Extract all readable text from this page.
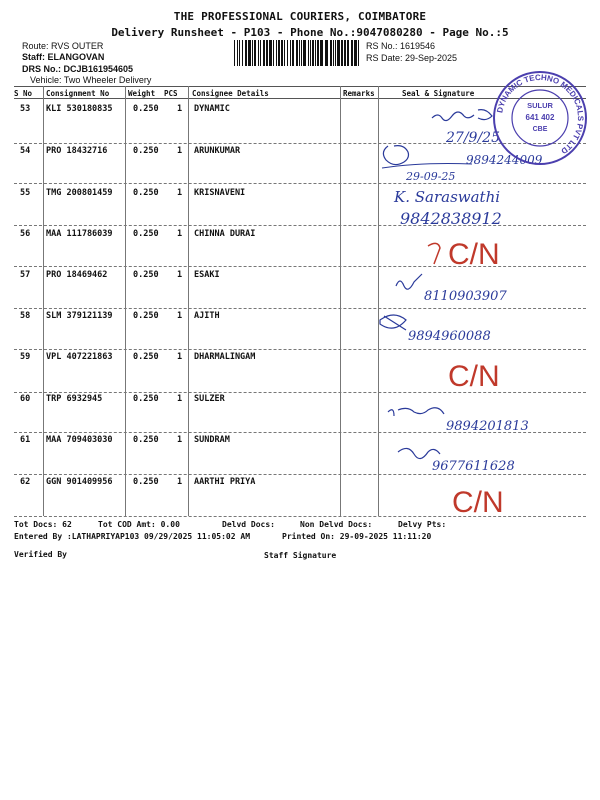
THE PROFESSIONAL COURIERS, COIMBATORE
Delivery Runsheet - P103 - Phone No.:9047080280 - Page No.:5
Route: RVS OUTER
Staff: ELANGOVAN
DRS No.: DCJB161954605
Vehicle: Two Wheeler Delivery
RS No.: 1619546
RS Date: 29-Sep-2025
S No Consignment No	Weight PCS Consignee Details	Remarks	Seal & Signature
53 KLI 530180835 0.250 1 DYNAMIC
54 PRO 18432716	0.250 1 ARUNKUMAR
55 TMG 200801459 0.250 1 KRISNAVENI
56 MAA 111786039 0.250 1 CHINNA DURAI
57 PRO 18469462	0.250 1 ESAKI
58 SLM 379121139 0.250 1 AJITH
59 VPL 407221863 0.250 1 DHARMALINGAM
60 TRP 6932945	0.250 1 SULZER
61 MAA 709403030 0.250 1 SUNDRAM
62 GGN 901409956 0.250 1 AARTHI PRIYA
27/9/25
29-09-25
9894244009
K. Saraswathi
9842838912
C/N
8110903907
9894960088
C/N
9894201813
9677611628
C/N
DYNAMIC TECHNO MEDICALS PVT LTD
SULUR
641 402
CBE
Tot Docs: 62	Tot COD Amt: 0.00	Delvd Docs:	Non Delvd Docs:	Delvy Pts:
Entered By :LATHAPRIYAP103 09/29/2025 11:05:02 AM	Printed On: 29-09-2025 11:11:20
Verified By	Staff Signature
